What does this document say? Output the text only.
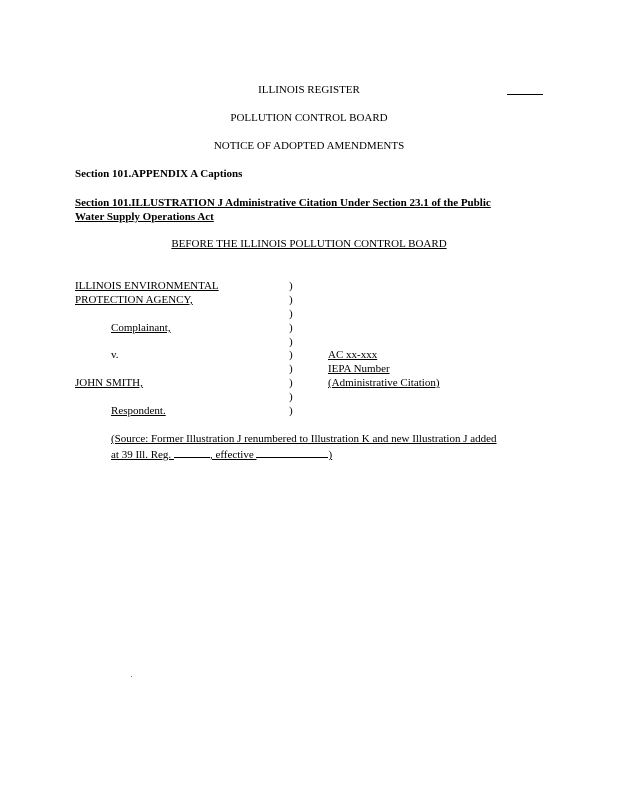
ILLINOIS REGISTER
POLLUTION CONTROL BOARD
NOTICE OF ADOPTED AMENDMENTS
Section 101.APPENDIX A Captions
Section 101.ILLUSTRATION J Administrative Citation Under Section 23.1 of the Public
Water Supply Operations Act
BEFORE THE ILLINOIS POLLUTION CONTROL BOARD
ILLINOIS ENVIRONMENTAL
PROTECTION AGENCY,
Complainant,
v.
JOHN SMITH,
Respondent.
)
)
)
)
)
)
)
)
)
)
AC xx-xxx
IEPA Number
(Administrative Citation)
(Source: Former Illustration J renumbered to Illustration K and new Illustration J added
at 39 Ill. Reg.	, effective	)
